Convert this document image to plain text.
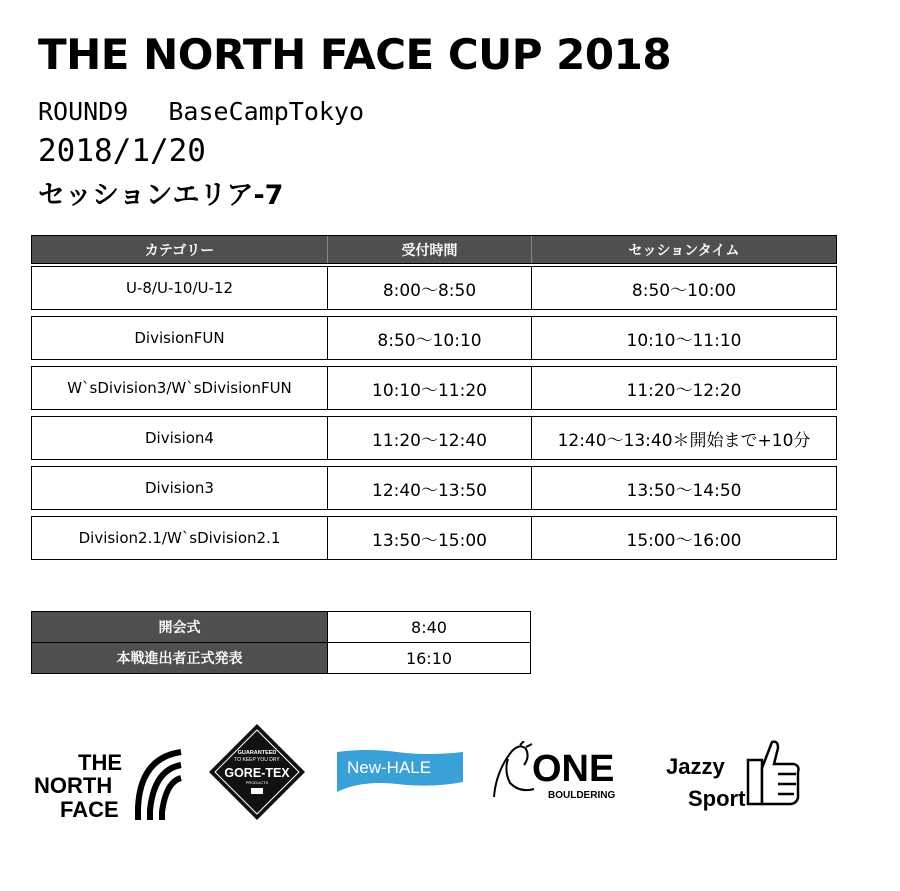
THE NORTH FACE CUP 2018
ROUND9　 BaseCampTokyo
2018/1/20
セッションエリア-7
カテゴリー	受付時間	セッションタイム
U-8/U-10/U-12	8:00～8:50	8:50～10:00
DivisionFUN	8:50～10:10	10:10～11:10
W`sDivision3/W`sDivisionFUN	10:10～11:20	11:20～12:20
Division4	11:20～12:40	12:40～13:40＊開始まで+10分
Division3	12:40～13:50	13:50～14:50
Division2.1/W`sDivision2.1	13:50～15:00	15:00～16:00
開会式	8:40
本戦進出者正式発表	16:10
THE
NORTH
FACE
GUARANTEED
TO KEEP YOU DRY
GORE-TEX
PRODUCTS
New-HALE	ONE
BOULDERING
Jazzy
Sport
